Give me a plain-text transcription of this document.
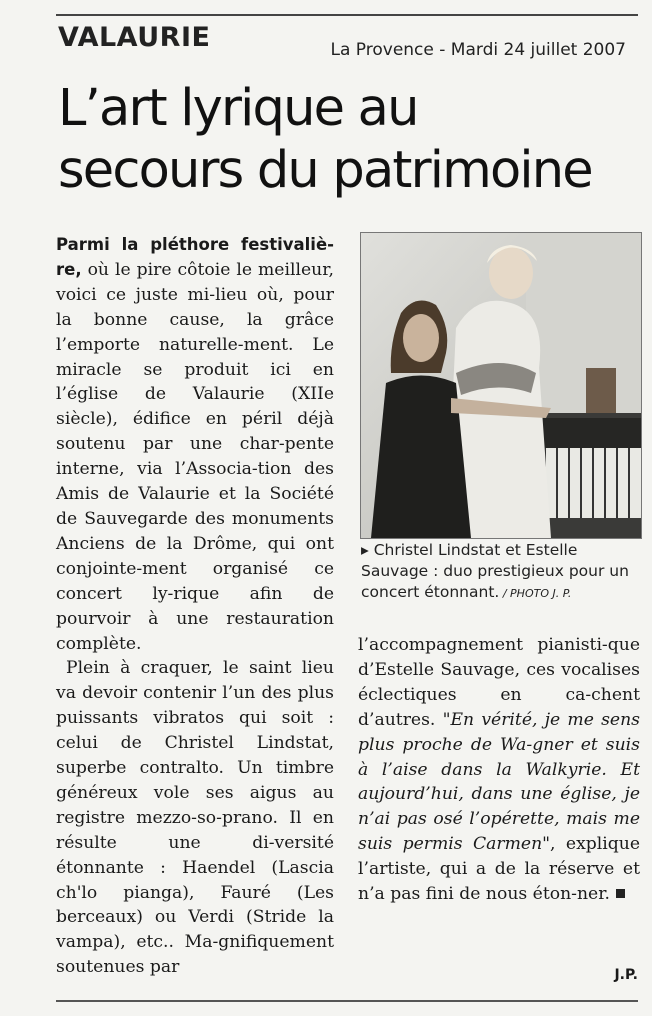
VALAURIE	La Provence - Mardi 24 juillet 2007
L’art lyrique au
secours du patrimoine

Parmi la pléthore festivaliè-re, où le pire côtoie le meilleur, voici ce juste mi-lieu où, pour la bonne cause, la grâce l’emporte naturelle-ment. Le miracle se produit ici en l’église de Valaurie (XIIe siècle), édifice en péril déjà soutenu par une char-pente interne, via l’Associa-tion des Amis de Valaurie et la Société de Sauvegarde des monuments Anciens de la Drôme, qui ont conjointe-ment organisé ce concert ly-rique afin de pourvoir à une restauration complète.

Plein à craquer, le saint lieu va devoir contenir l’un des plus puissants vibratos qui soit : celui de Christel Lindstat, superbe contralto. Un timbre généreux vole ses aigus au registre mezzo-so-prano. Il en résulte une di-versité étonnante : Haendel (Lascia ch'lo pianga), Fauré (Les berceaux) ou Verdi (Stride la vampa), etc.. Ma-gnifiquement soutenues par

▸ Christel Lindstat et Estelle Sauvage : duo prestigieux pour un concert étonnant. / PHOTO J. P.

l’accompagnement pianisti-que d’Estelle Sauvage, ces vocalises éclectiques en ca-chent d’autres. "En vérité, je me sens plus proche de Wa-gner et suis à l’aise dans la Walkyrie. Et aujourd’hui, dans une église, je n’ai pas osé l’opérette, mais me suis permis Carmen", explique l’artiste, qui a de la réserve et n’a pas fini de nous éton-ner.

J.P.
